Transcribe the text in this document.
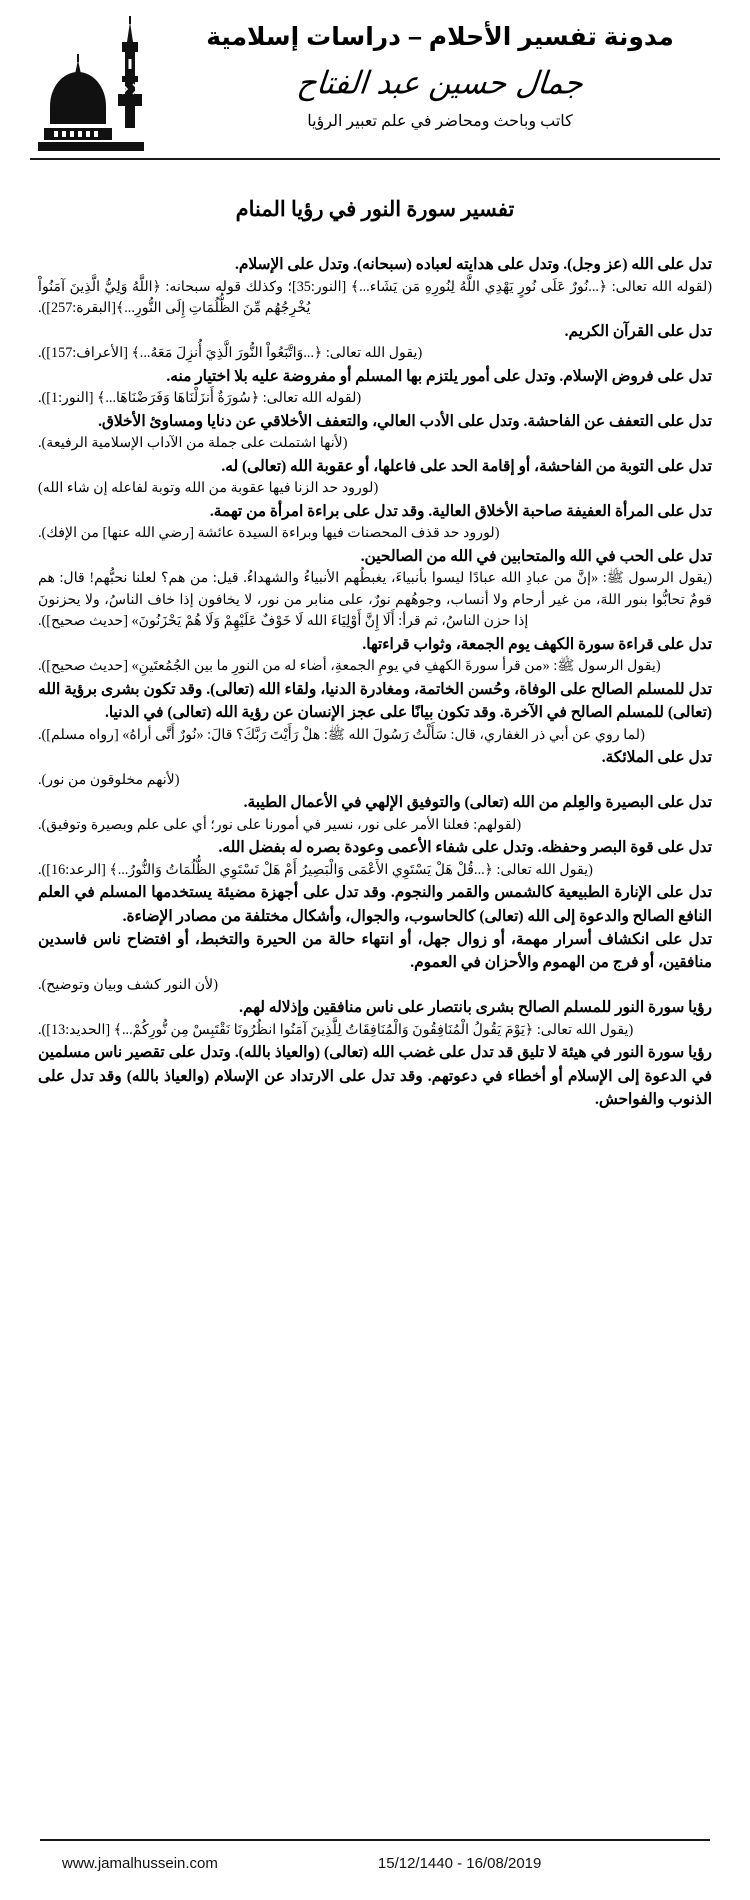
مدونة تفسير الأحلام – دراسات إسلامية
جمال حسين عبد الفتاح
كاتب وباحث ومحاضر في علم تعبير الرؤيا
تفسير سورة النور في رؤيا المنام

تدل على الله (عز وجل). وتدل على هدايته لعباده (سبحانه). وتدل على الإسلام.

(لقوله الله تعالى: ﴿...نُورٌ عَلَى نُورٍ يَهْدِي اللَّهُ لِنُورِهِ مَن يَشَاء...﴾ [النور:35]؛ وكذلك قوله سبحانه: ﴿اللَّهُ وَلِيُّ الَّذِينَ آمَنُواْ يُخْرِجُهُم مِّنَ الظُّلُمَاتِ إِلَى النُّورِ...﴾[البقرة:257]).

تدل على القرآن الكريم.

(يقول الله تعالى: ﴿...وَاتَّبَعُواْ النُّورَ الَّذِيَ أُنزِلَ مَعَهُ...﴾ [الأعراف:157]).

تدل على فروض الإسلام. وتدل على أمور يلتزم بها المسلم أو مفروضة عليه بلا اختيار منه.

(لقوله الله تعالى: ﴿سُورَةٌ أَنزَلْنَاهَا وَفَرَضْنَاهَا...﴾ [النور:1]).

تدل على التعفف عن الفاحشة. وتدل على الأدب العالي، والتعفف الأخلاقي عن دنايا ومساوئ الأخلاق.

(لأنها اشتملت على جملة من الآداب الإسلامية الرفيعة).

تدل على التوبة من الفاحشة، أو إقامة الحد على فاعلها، أو عقوبة الله (تعالى) له.

(لورود حد الزنا فيها عقوبة من الله وتوبة لفاعله إن شاء الله)

تدل على المرأة العفيفة صاحبة الأخلاق العالية. وقد تدل على براءة امرأة من تهمة.

(لورود حد قذف المحصنات فيها وبراءة السيدة عائشة [رضي الله عنها] من الإفك).

تدل على الحب في الله والمتحابين في الله من الصالحين.

(يقول الرسول ﷺ: «إنَّ من عبادِ الله عبادًا ليسوا بأنبياءَ، يغبطُهم الأنبياءُ والشهداءُ. قيل: من هم؟ لعلنا نحبُّهم! قال: هم قومٌ تحابُّوا بنور اللهَ، من غير أرحام ولا أنساب، وجوهُهم نورٌ، على منابر من نور، لا يخافون إذا خاف الناسُ، ولا يحزنونَ إذا حزن الناسُ، ثم قرأ: أَلَا إِنَّ أَوْلِيَاءَ الله لَا خَوْفٌ عَلَيْهِمْ وَلَا هُمْ يَحْزَنُونَ» [حديث صحيح]).

تدل على قراءة سورة الكهف يوم الجمعة، وثواب قراءتها.

(يقول الرسول ﷺ: «من قرأ سورةَ الكهفِ في يومِ الجمعةِ، أضاء له من النورِ ما بين الجُمُعتَينِ» [حديث صحيح]).

تدل للمسلم الصالح على الوفاة، وحُسن الخاتمة، ومغادرة الدنيا، ولقاء الله (تعالى). وقد تكون بشرى برؤية الله (تعالى) للمسلم الصالح في الآخرة. وقد تكون بيانًا على عجز الإنسان عن رؤية الله (تعالى) في الدنيا.

(لما روي عن أبي ذر الغفاري، قال: سَأَلْتُ رَسُولَ الله ﷺ: هلْ رَأَيْتَ رَبَّكَ؟ قالَ: «نُورٌ أَنَّى أراهُ» [رواه مسلم]).

تدل على الملائكة.

(لأنهم مخلوقون من نور).

تدل على البصيرة والعِلم من الله (تعالى) والتوفيق الإلهي في الأعمال الطيبة.

(لقولهم: فعلنا الأمر على نور، نسير في أمورنا على نور؛ أي على علم وبصيرة وتوفيق).

تدل على قوة البصر وحفظه. وتدل على شفاء الأعمى وعودة بصره له بفضل الله.

(يقول الله تعالى: ﴿...قُلْ هَلْ يَسْتَوِي الأَعْمَى وَالْبَصِيرُ أَمْ هَلْ تَسْتَوِي الظُّلُمَاتُ وَالنُّورُ...﴾ [الرعد:16]).

تدل على الإنارة الطبيعية كالشمس والقمر والنجوم. وقد تدل على أجهزة مضيئة يستخدمها المسلم في العلم النافع الصالح والدعوة إلى الله (تعالى) كالحاسوب، والجوال، وأشكال مختلفة من مصادر الإضاءة.

تدل على انكشاف أسرار مهمة، أو زوال جهل، أو انتهاء حالة من الحيرة والتخبط، أو افتضاح ناس فاسدين منافقين، أو فرج من الهموم والأحزان في العموم.

(لأن النور كشف وبيان وتوضيح).

رؤيا سورة النور للمسلم الصالح بشرى بانتصار على ناس منافقين وإذلاله لهم.

(يقول الله تعالى: ﴿يَوْمَ يَقُولُ الْمُنَافِقُونَ وَالْمُنَافِقَاتُ لِلَّذِينَ آمَنُوا انظُرُونَا نَقْتَبِسْ مِن نُّورِكُمْ...﴾ [الحديد:13]).

رؤيا سورة النور في هيئة لا تليق قد تدل على غضب الله (تعالى) (والعياذ بالله). وتدل على تقصير ناس مسلمين في الدعوة إلى الإسلام أو أخطاء في دعوتهم. وقد تدل على الارتداد عن الإسلام (والعياذ بالله) وقد تدل على الذنوب والفواحش.

www.jamalhussein.com	15/12/1440 - 16/08/2019
